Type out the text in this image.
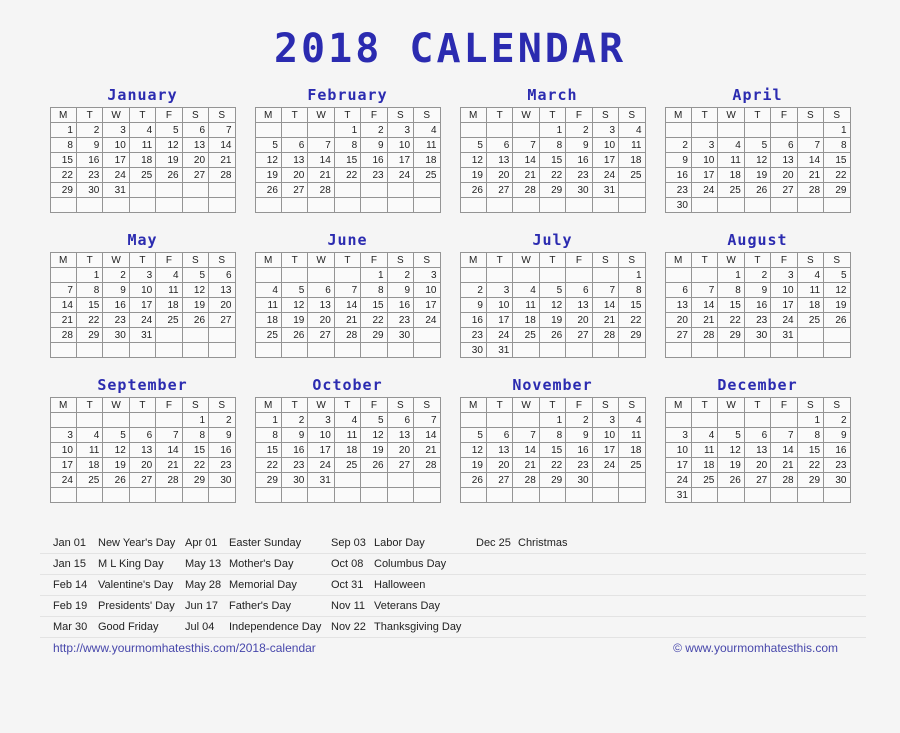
2018 CALENDAR
January
M	T	W	T	F	S	S
1	2	3	4	5	6	7
8	9	10	11	12	13	14
15	16	17	18	19	20	21
22	23	24	25	26	27	28
29	30	31				

February
M	T	W	T	F	S	S
			1	2	3	4
5	6	7	8	9	10	11
12	13	14	15	16	17	18
19	20	21	22	23	24	25
26	27	28				

March
M	T	W	T	F	S	S
			1	2	3	4
5	6	7	8	9	10	11
12	13	14	15	16	17	18
19	20	21	22	23	24	25
26	27	28	29	30	31	

April
M	T	W	T	F	S	S
						1
2	3	4	5	6	7	8
9	10	11	12	13	14	15
16	17	18	19	20	21	22
23	24	25	26	27	28	29
30						
May
M	T	W	T	F	S	S
	1	2	3	4	5	6
7	8	9	10	11	12	13
14	15	16	17	18	19	20
21	22	23	24	25	26	27
28	29	30	31			

June
M	T	W	T	F	S	S
				1	2	3
4	5	6	7	8	9	10
11	12	13	14	15	16	17
18	19	20	21	22	23	24
25	26	27	28	29	30	

July
M	T	W	T	F	S	S
						1
2	3	4	5	6	7	8
9	10	11	12	13	14	15
16	17	18	19	20	21	22
23	24	25	26	27	28	29
30	31					
August
M	T	W	T	F	S	S
		1	2	3	4	5
6	7	8	9	10	11	12
13	14	15	16	17	18	19
20	21	22	23	24	25	26
27	28	29	30	31		

September
M	T	W	T	F	S	S
					1	2
3	4	5	6	7	8	9
10	11	12	13	14	15	16
17	18	19	20	21	22	23
24	25	26	27	28	29	30

October
M	T	W	T	F	S	S
1	2	3	4	5	6	7
8	9	10	11	12	13	14
15	16	17	18	19	20	21
22	23	24	25	26	27	28
29	30	31				

November
M	T	W	T	F	S	S
			1	2	3	4
5	6	7	8	9	10	11
12	13	14	15	16	17	18
19	20	21	22	23	24	25
26	27	28	29	30		

December
M	T	W	T	F	S	S
					1	2
3	4	5	6	7	8	9
10	11	12	13	14	15	16
17	18	19	20	21	22	23
24	25	26	27	28	29	30
31						
Jan 01	New Year's Day Apr 01	Easter Sunday	Sep 03 Labor Day	Dec 25 Christmas
Jan 15	M L King Day	May 13 Mother's Day	Oct 08 Columbus Day
Feb 14 Valentine's Day	May 28 Memorial Day	Oct 31 Halloween
Feb 19 Presidents' Day Jun 17 Father's Day	Nov 11 Veterans Day
Mar 30 Good Friday	Jul 04	Independence Day Nov 22 Thanksgiving Day
http://www.yourmomhatesthis.com/2018-calendar	© www.yourmomhatesthis.com
